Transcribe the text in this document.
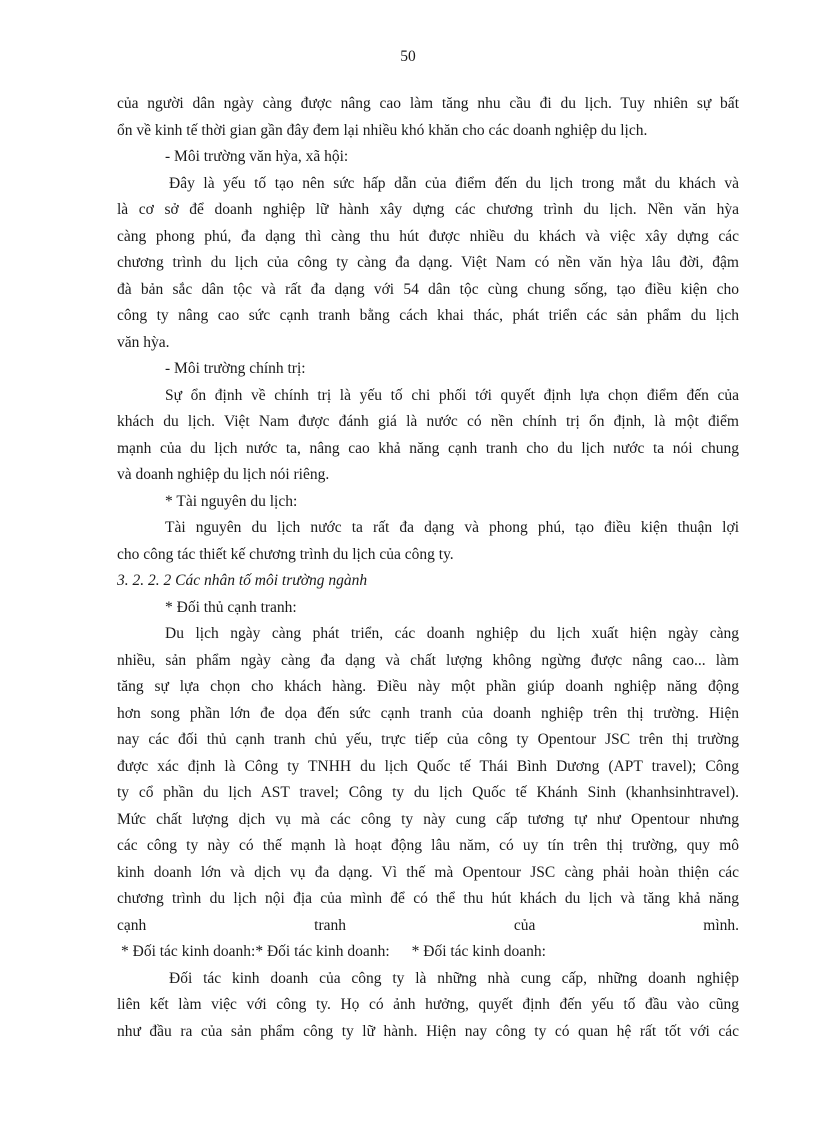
50
của người dân ngày càng được nâng cao làm tăng nhu cầu đi du lịch. Tuy nhiên sự bất
ổn về kinh tế thời gian gần đây đem lại nhiều khó khăn cho các doanh nghiệp du lịch.
- Môi trường văn hỳa, xã hội:
Đây là yếu tố tạo nên sức hấp dẫn của điểm đến du lịch trong mắt du khách và
là cơ sở để doanh nghiệp lữ hành xây dựng các chương trình du lịch. Nền văn hỳa
càng phong phú, đa dạng thì càng thu hút được nhiều du khách và việc xây dựng các
chương trình du lịch của công ty càng đa dạng. Việt Nam có nền văn hỳa lâu đời, đậm
đà bản sắc dân tộc và rất đa dạng với 54 dân tộc cùng chung sống, tạo điều kiện cho
công ty nâng cao sức cạnh tranh bằng cách khai thác, phát triển các sản phẩm du lịch
văn hỳa.
- Môi trường chính trị:
Sự ổn định về chính trị là yếu tố chi phối tới quyết định lựa chọn điểm đến của
khách du lịch. Việt Nam được đánh giá là nước có nền chính trị ổn định, là một điểm
mạnh của du lịch nước ta, nâng cao khả năng cạnh tranh cho du lịch nước ta nói chung
và doanh nghiệp du lịch nói riêng.
* Tài nguyên du lịch:
Tài nguyên du lịch nước ta rất đa dạng và phong phú, tạo điều kiện thuận lợi
cho công tác thiết kế chương trình du lịch của công ty.
3. 2. 2. 2 Các nhân tố môi trường ngành
* Đối thủ cạnh tranh:
Du lịch ngày càng phát triển, các doanh nghiệp du lịch xuất hiện ngày càng
nhiều, sản phẩm ngày càng đa dạng và chất lượng không ngừng được nâng cao... làm
tăng sự lựa chọn cho khách hàng. Điều này một phần giúp doanh nghiệp năng động
hơn song phần lớn đe dọa đến sức cạnh tranh của doanh nghiệp trên thị trường. Hiện
nay các đối thủ cạnh tranh chủ yếu, trực tiếp của công ty Opentour JSC trên thị trường
được xác định là Công ty TNHH du lịch Quốc tế Thái Bình Dương (APT travel); Công
ty cổ phần du lịch AST travel; Công ty du lịch Quốc tế Khánh Sinh (khanhsinhtravel).
Mức chất lượng dịch vụ mà các công ty này cung cấp tương tự như Opentour nhưng
các công ty này có thế mạnh là hoạt động lâu năm, có uy tín trên thị trường, quy mô
kinh doanh lớn và dịch vụ đa dạng. Vì thế mà Opentour JSC càng phải hoàn thiện các
chương trình du lịch nội địa của mình để có thể thu hút khách du lịch và tăng khả năng
cạnh tranh của mình.
* Đối tác kinh doanh:* Đối tác kinh doanh: * Đối tác kinh doanh:
Đối tác kinh doanh của công ty là những nhà cung cấp, những doanh nghiệp
liên kết làm việc với công ty. Họ có ảnh hưởng, quyết định đến yếu tố đầu vào cũng
như đầu ra của sản phẩm công ty lữ hành. Hiện nay công ty có quan hệ rất tốt với các
